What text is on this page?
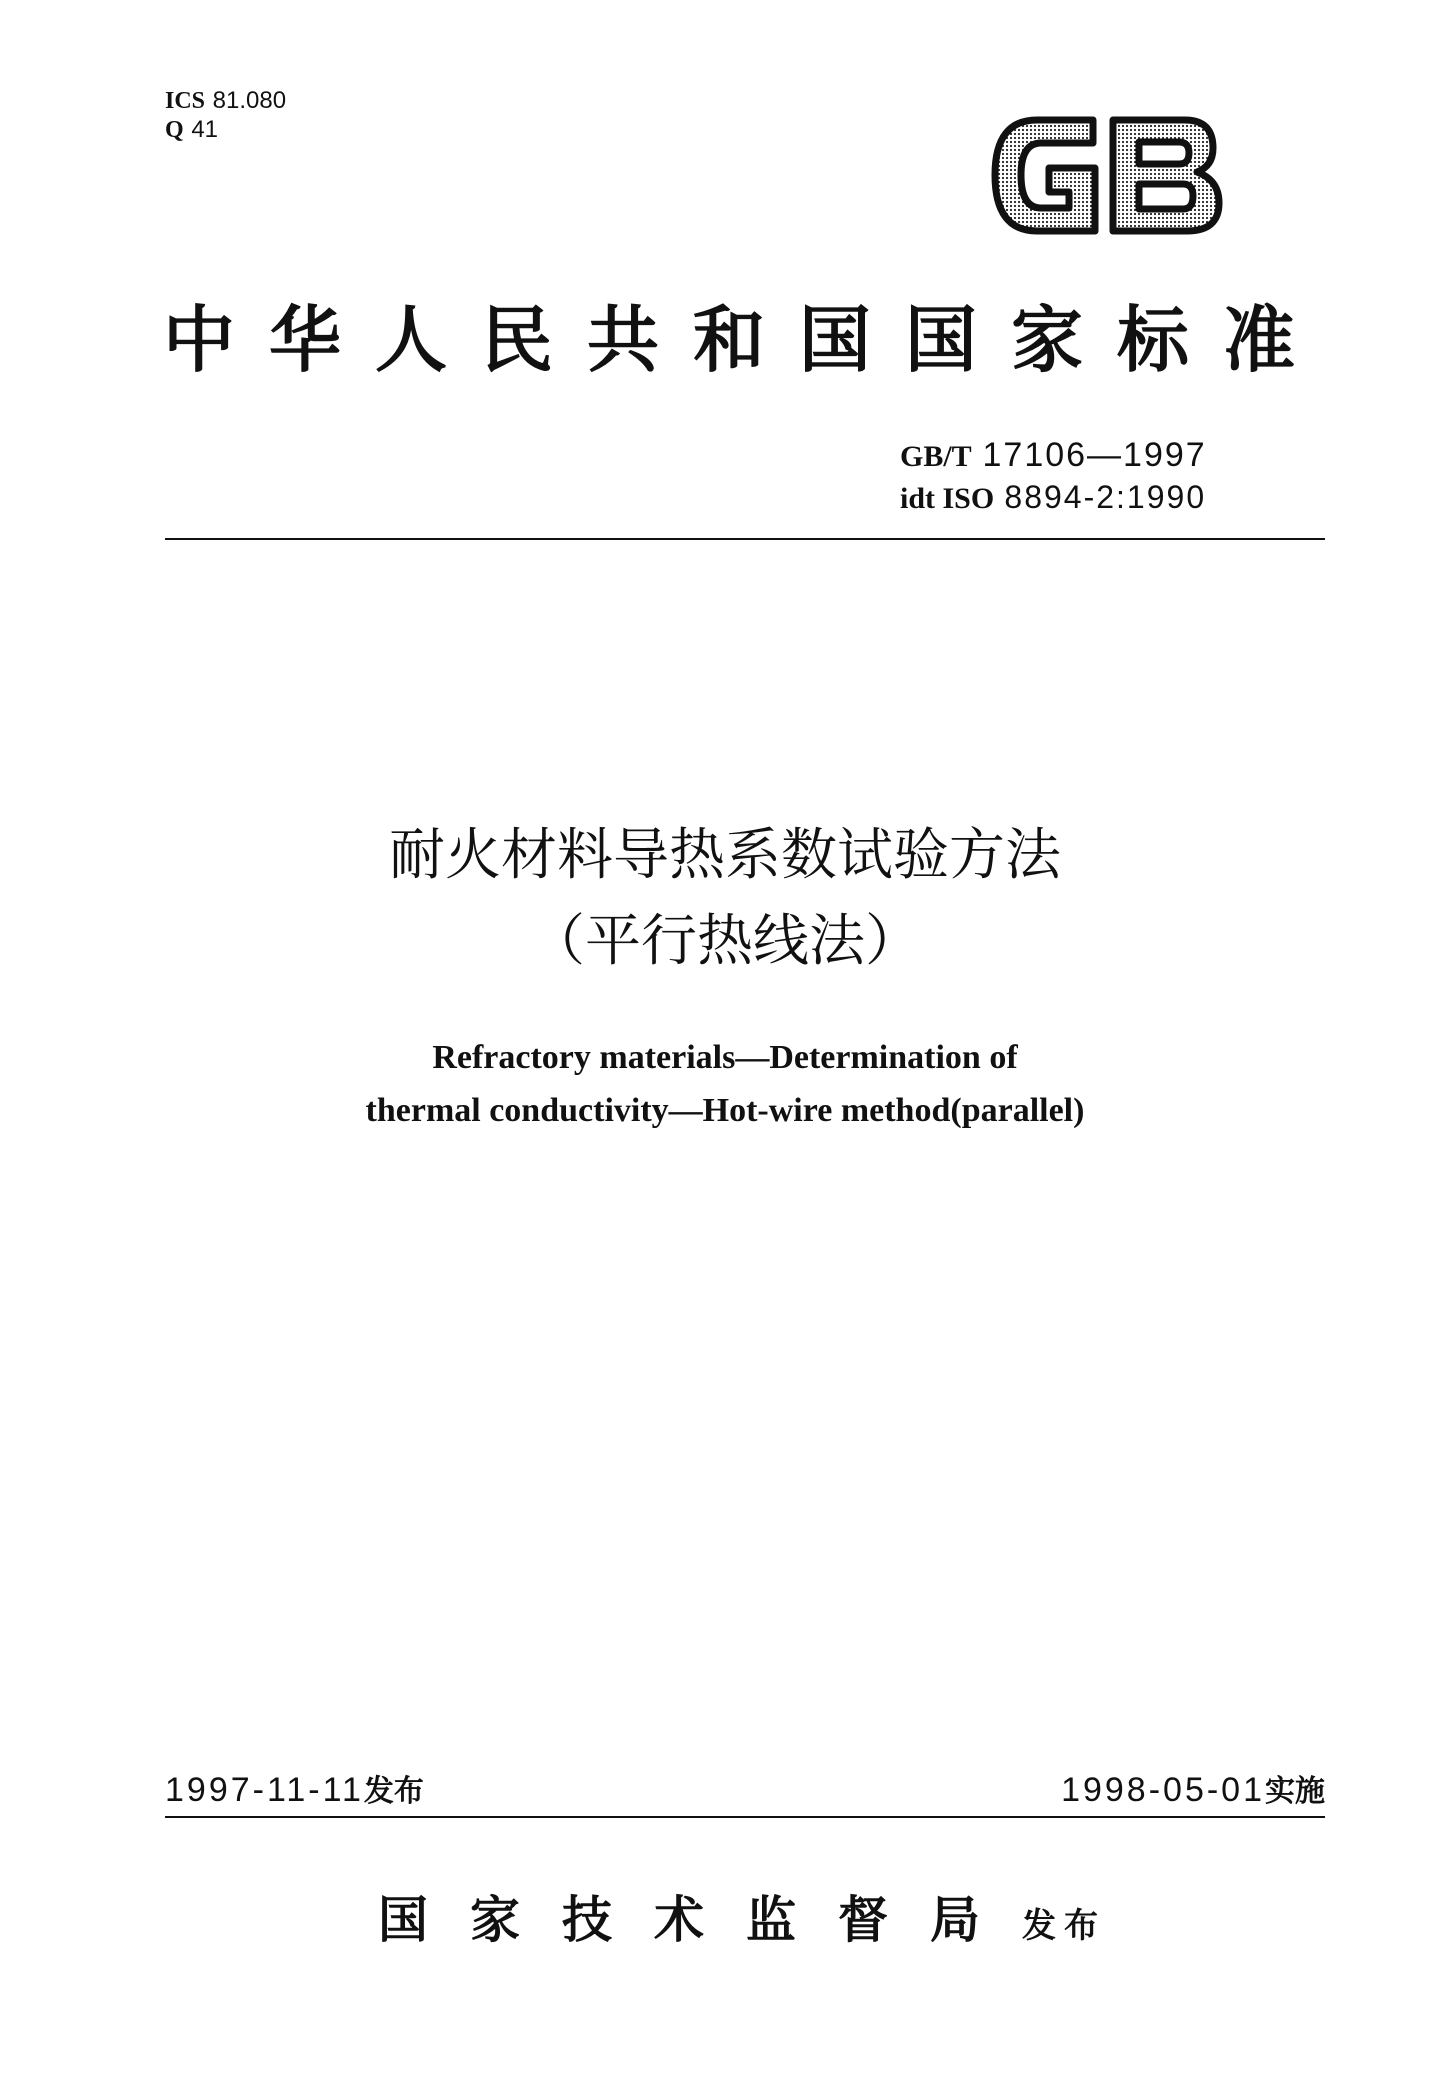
ICS 81.080
Q 41
中华人民共和国国家标准
GB/T 17106—1997
idt ISO 8894-2:1990
耐火材料导热系数试验方法
（平行热线法）
Refractory materials—Determination of
thermal conductivity—Hot-wire method(parallel)
1997-11-11发布	1998-05-01实施
国家技术监督局发布
